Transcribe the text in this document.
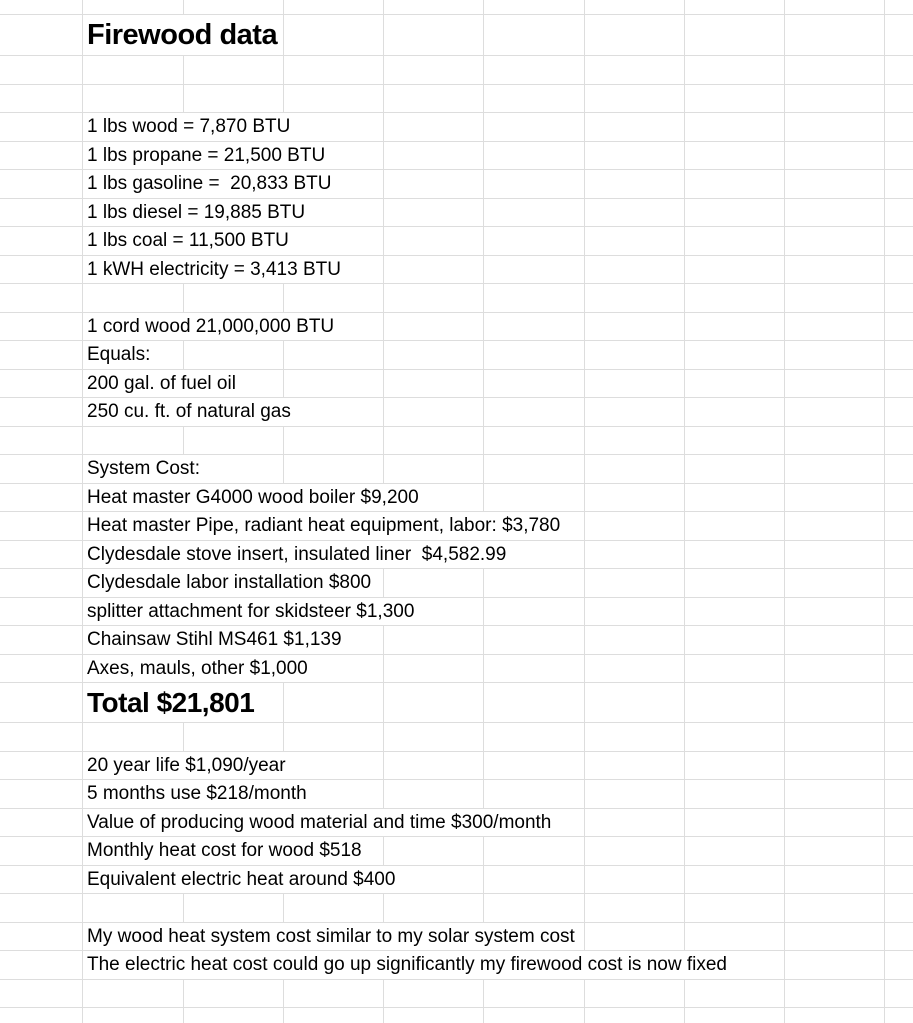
Firewood data
1 lbs wood = 7,870 BTU
1 lbs propane = 21,500 BTU
1 lbs gasoline =  20,833 BTU
1 lbs diesel = 19,885 BTU
1 lbs coal = 11,500 BTU
1 kWH electricity = 3,413 BTU
1 cord wood 21,000,000 BTU
Equals:
200 gal. of fuel oil
250 cu. ft. of natural gas
System Cost:
Heat master G4000 wood boiler $9,200
Heat master Pipe, radiant heat equipment, labor: $3,780
Clydesdale stove insert, insulated liner  $4,582.99
Clydesdale labor installation $800
splitter attachment for skidsteer $1,300
Chainsaw Stihl MS461 $1,139
Axes, mauls, other $1,000
Total $21,801
20 year life $1,090/year
5 months use $218/month
Value of producing wood material and time $300/month
Monthly heat cost for wood $518
Equivalent electric heat around $400
My wood heat system cost similar to my solar system cost
The electric heat cost could go up significantly my firewood cost is now fixed
